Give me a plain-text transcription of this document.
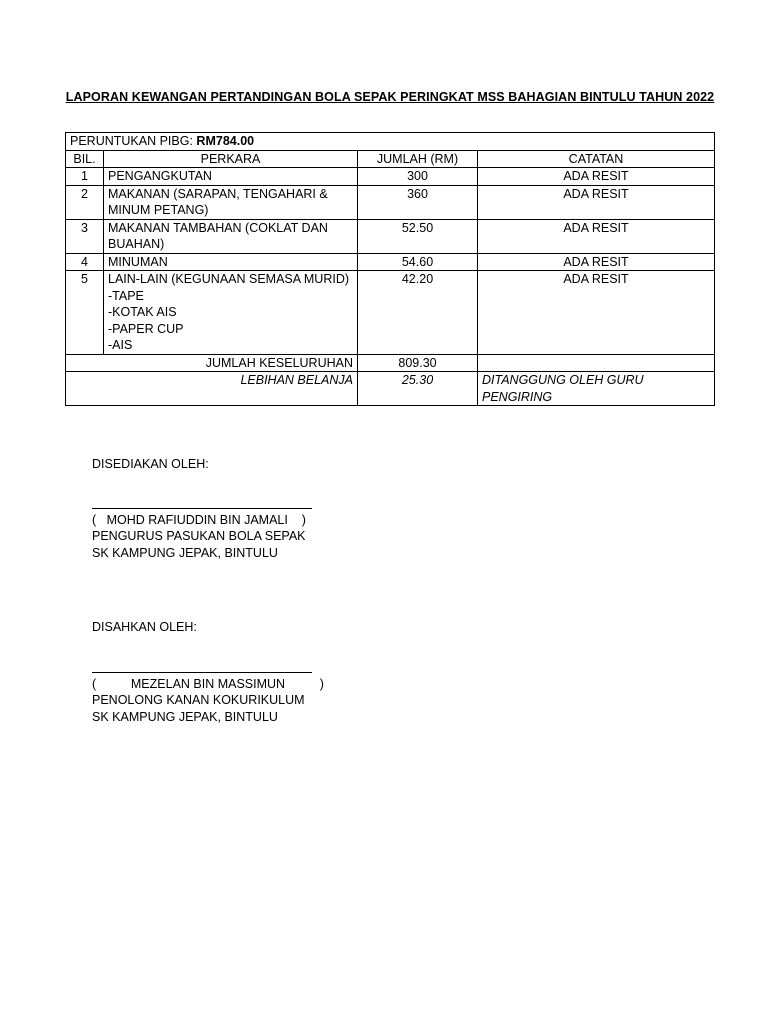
LAPORAN KEWANGAN PERTANDINGAN BOLA SEPAK PERINGKAT MSS BAHAGIAN BINTULU TAHUN 2022
PERUNTUKAN PIBG: RM784.00			
BIL.	PERKARA	JUMLAH (RM)	CATATAN
1	PENGANGKUTAN	300	ADA RESIT
2	MAKANAN (SARAPAN, TENGAHARI & MINUM PETANG)	360	ADA RESIT
3	MAKANAN TAMBAHAN (COKLAT DAN BUAHAN)	52.50	ADA RESIT
4	MINUMAN	54.60	ADA RESIT
5	LAIN-LAIN (KEGUNAAN SEMASA MURID)
-TAPE
-KOTAK AIS
-PAPER CUP
-AIS	42.20	ADA RESIT
JUMLAH KESELURUHAN		809.30	
LEBIHAN BELANJA		25.30	DITANGGUNG OLEH GURU PENGIRING
DISEDIAKAN OLEH:
(   MOHD RAFIUDDIN BIN JAMALI    )
PENGURUS PASUKAN BOLA SEPAK
SK KAMPUNG JEPAK, BINTULU
DISAHKAN OLEH:
(          MEZELAN BIN MASSIMUN          )
PENOLONG KANAN KOKURIKULUM
SK KAMPUNG JEPAK, BINTULU
